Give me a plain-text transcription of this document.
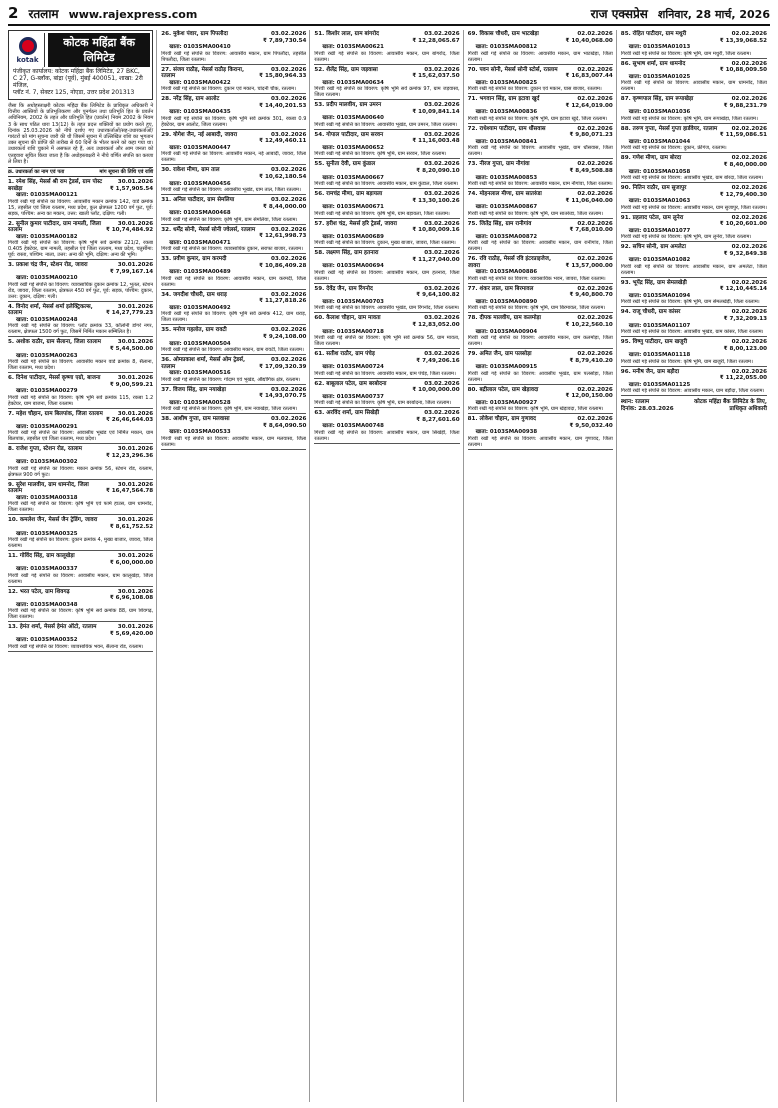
2 रतलाम www.rajexpress.com	राज एक्सप्रेस शनिवार, 28 मार्च, 2026
kotak
कोटक महिंद्रा बैंक लिमिटेड
पंजीकृत कार्यालय: कोटक महिंद्रा बैंक लिमिटेड, 27 BKC,
C 27, G-ब्लॉक, बांद्रा (पूर्व), मुंबई 400051, शाखा: 2री मंजिल,
प्लॉट नं. 7, सेक्टर 125, नोएडा, उत्तर प्रदेश 201313
जैसा कि अधोहस्ताक्षरी कोटक महिंद्रा बैंक लिमिटेड के प्राधिकृत अधिकारी ने वित्तीय आस्तियों के प्रतिभूतिकरण और पुनर्गठन तथा प्रतिभूति हित के प्रवर्तन अधिनियम, 2002 के तहत और प्रतिभूति हित (प्रवर्तन) नियम 2002 के नियम 3 के साथ पठित धारा 13(12) के तहत प्रदत्त शक्तियों का प्रयोग करते हुए, दिनांक 25.03.2026 को नीचे दर्शाए गए उधारकर्ताओं/सह-उधारकर्ताओं/गारंटरों को मांग सूचना जारी की थी जिसमें सूचना में उल्लिखित राशि का भुगतान उक्त सूचना की प्राप्ति की तारीख से 60 दिनों के भीतर करने को कहा गया था। उधारकर्ता राशि चुकाने में असफल रहे हैं, अतः उधारकर्ता और आम जनता को एतद्द्वारा सूचित किया जाता है कि अधोहस्ताक्षरी ने नीचे वर्णित संपत्ति का कब्जा ले लिया है।
क्र. उधारकर्ता का नाम एवं पता	मांग सूचना की तिथि एवं राशि
1. रमेश सिंह, मेसर्स श्री राम ट्रेडर्स, ग्राम पोस्ट बरखेड़ा
30.01.2026
₹ 1,57,905.54
खाता: 0103SMA00121
गिरवी रखी गई संपत्ति का विवरण: आवासीय मकान क्रमांक 142, वार्ड क्रमांक 15, तहसील एवं जिला रतलाम, मध्य प्रदेश, कुल क्षेत्रफल 1200 वर्ग फुट, पूर्व: सड़क, पश्चिम: अन्य का मकान, उत्तर: खाली प्लॉट, दक्षिण: गली।
2. सुनील कुमार पाटीदार, ग्राम नामली, जिला रतलाम
30.01.2026
₹ 10,74,484.92
खाता: 0103SMA00182
गिरवी रखी गई संपत्ति का विवरण: कृषि भूमि सर्वे क्रमांक 221/2, रकबा 0.405 हेक्टेयर, ग्राम नामली, तहसील एवं जिला रतलाम, मध्य प्रदेश, चतुर्सीमा: पूर्व: रास्ता, पश्चिम: नाला, उत्तर: अन्य की भूमि, दक्षिण: अन्य की भूमि।
3. प्रकाश चंद्र जैन, स्टेशन रोड, जावरा	30.01.2026
₹ 7,99,167.14
खाता: 0103SMA00210
गिरवी रखी गई संपत्ति का विवरण: व्यावसायिक दुकान क्रमांक 12, भूतल, स्टेशन रोड, जावरा, जिला रतलाम, क्षेत्रफल 450 वर्ग फुट, पूर्व: सड़क, पश्चिम: दुकान, उत्तर: दुकान, दक्षिण: गली।
4. विनोद शर्मा, मेसर्स शर्मा इलेक्ट्रिकल्स, रतलाम
30.01.2026
₹ 14,27,779.23
खाता: 0103SMA00248
गिरवी रखी गई संपत्ति का विवरण: प्लॉट क्रमांक 33, कॉलोनी डोंगरे नगर, रतलाम, क्षेत्रफल 1500 वर्ग फुट, जिसमें निर्मित मकान सम्मिलित है।
5. अशोक राठौर, ग्राम सैलाना, जिला रतलाम	30.01.2026
₹ 5,44,500.00
खाता: 0103SMA00263
गिरवी रखी गई संपत्ति का विवरण: आवासीय मकान वार्ड क्रमांक 8, सैलाना, जिला रतलाम, मध्य प्रदेश।
6. दिनेश पाटीदार, मेसर्स कृष्णा एग्रो, बाजना	30.01.2026
₹ 9,00,599.21
खाता: 0103SMA00279
गिरवी रखी गई संपत्ति का विवरण: कृषि भूमि सर्वे क्रमांक 115, रकबा 1.2 हेक्टेयर, ग्राम बाजना, जिला रतलाम।
7. महेश चौहान, ग्राम बिलपांक, जिला रतलाम	30.01.2026
₹ 26,46,644.03
खाता: 0103SMA00291
गिरवी रखी गई संपत्ति का विवरण: आवासीय भूखंड एवं निर्मित मकान, ग्राम बिलपांक, तहसील एवं जिला रतलाम, मध्य प्रदेश।
8. राजेश गुप्ता, स्टेशन रोड, रतलाम	30.01.2026
₹ 12,23,296.36
खाता: 0103SMA00302
गिरवी रखी गई संपत्ति का विवरण: मकान क्रमांक 56, स्टेशन रोड, रतलाम, क्षेत्रफल 900 वर्ग फुट।
9. सुरेश मालवीय, ग्राम धामनोद, जिला रतलाम
30.01.2026
₹ 16,47,564.78
खाता: 0103SMA00318
गिरवी रखी गई संपत्ति का विवरण: कृषि भूमि एवं फार्म हाउस, ग्राम धामनोद, जिला रतलाम।
10. कमलेश जैन, मेसर्स जैन ट्रेडिंग, जावरा	30.01.2026
₹ 8,61,752.52
खाता: 0103SMA00325
गिरवी रखी गई संपत्ति का विवरण: दुकान क्रमांक 4, मुख्य बाजार, जावरा, जिला रतलाम।
11. गोविंद सिंह, ग्राम कालूखेड़ा	30.01.2026
₹ 6,00,000.00
खाता: 0103SMA00337
गिरवी रखी गई संपत्ति का विवरण: आवासीय मकान, ग्राम कालूखेड़ा, जिला रतलाम।
12. भरत पटेल, ग्राम शिवगढ़	30.01.2026
₹ 6,96,108.08
खाता: 0103SMA00348
गिरवी रखी गई संपत्ति का विवरण: कृषि भूमि सर्वे क्रमांक 88, ग्राम शिवगढ़, जिला रतलाम।
13. हेमंत शर्मा, मेसर्स हेमंत ऑटो, रतलाम	30.01.2026
₹ 5,69,420.00
खाता: 0103SMA00352
गिरवी रखी गई संपत्ति का विवरण: व्यावसायिक भवन, सैलाना रोड, रतलाम।
26. मुकेश पंवार, ग्राम पिपलौदा	03.02.2026
₹ 7,89,730.54
खाता: 0103SMA00410
गिरवी रखी गई संपत्ति का विवरण: आवासीय मकान, ग्राम पिपलौदा, तहसील पिपलौदा, जिला रतलाम।
27. संजय राठौड़, मेसर्स राठौड़ किराना, रतलाम
03.02.2026
₹ 15,80,964.33
खाता: 0103SMA00422
गिरवी रखी गई संपत्ति का विवरण: दुकान एवं मकान, चांदनी चौक, रतलाम।
28. नरेंद्र सिंह, ग्राम आलोट	03.02.2026
₹ 14,40,201.53
खाता: 0103SMA00435
गिरवी रखी गई संपत्ति का विवरण: कृषि भूमि सर्वे क्रमांक 301, रकबा 0.9 हेक्टेयर, ग्राम आलोट, जिला रतलाम।
29. योगेश जैन, नई आबादी, जावरा	03.02.2026
₹ 12,49,460.11
खाता: 0103SMA00447
गिरवी रखी गई संपत्ति का विवरण: आवासीय मकान, नई आबादी, जावरा, जिला रतलाम।
30. राकेश मीणा, ग्राम ताल	03.02.2026
₹ 10,62,180.54
खाता: 0103SMA00456
गिरवी रखी गई संपत्ति का विवरण: आवासीय भूखंड, ग्राम ताल, जिला रतलाम।
31. अनिल पाटीदार, ग्राम सेमलिया	03.02.2026
₹ 8,44,000.00
खाता: 0103SMA00468
गिरवी रखी गई संपत्ति का विवरण: कृषि भूमि, ग्राम सेमलिया, जिला रतलाम।
32. धर्मेंद्र सोनी, मेसर्स सोनी ज्वेलर्स, रतलाम	03.02.2026
₹ 12,61,998.73
खाता: 0103SMA00471
गिरवी रखी गई संपत्ति का विवरण: व्यावसायिक दुकान, सराफा बाजार, रतलाम।
33. प्रवीण कुमार, ग्राम करमदी	03.02.2026
₹ 10,86,409.28
खाता: 0103SMA00489
गिरवी रखी गई संपत्ति का विवरण: आवासीय मकान, ग्राम करमदी, जिला रतलाम।
34. जगदीश चौधरी, ग्राम धराड़	03.02.2026
₹ 11,27,818.26
खाता: 0103SMA00492
गिरवी रखी गई संपत्ति का विवरण: कृषि भूमि सर्वे क्रमांक 412, ग्राम धराड़, जिला रतलाम।
35. मनोज गहलोत, ग्राम रावटी	03.02.2026
₹ 9,24,108.00
खाता: 0103SMA00504
गिरवी रखी गई संपत्ति का विवरण: आवासीय मकान, ग्राम रावटी, जिला रतलाम।
36. ओमप्रकाश शर्मा, मेसर्स ओम ट्रेडर्स, रतलाम
03.02.2026
₹ 17,09,320.39
खाता: 0103SMA00516
गिरवी रखी गई संपत्ति का विवरण: गोदाम एवं भूखंड, औद्योगिक क्षेत्र, रतलाम।
37. विजय सिंह, ग्राम नयाखेड़ा	03.02.2026
₹ 14,93,070.75
खाता: 0103SMA00528
गिरवी रखी गई संपत्ति का विवरण: कृषि भूमि, ग्राम नयाखेड़ा, जिला रतलाम।
38. आशीष गुप्ता, ग्राम मलवासा	03.02.2026
₹ 8,64,090.50
खाता: 0103SMA00533
गिरवी रखी गई संपत्ति का विवरण: आवासीय मकान, ग्राम मलवासा, जिला रतलाम।
51. किशोर लाल, ग्राम बांगरोद	03.02.2026
₹ 12,28,065.67
खाता: 0103SMA00621
गिरवी रखी गई संपत्ति का विवरण: आवासीय मकान, ग्राम बांगरोद, जिला रतलाम।
52. शैलेंद्र सिंह, ग्राम जड़वासा	03.02.2026
₹ 15,62,037.50
खाता: 0103SMA00634
गिरवी रखी गई संपत्ति का विवरण: कृषि भूमि सर्वे क्रमांक 97, ग्राम जड़वासा, जिला रतलाम।
53. प्रदीप मालवीय, ग्राम उमरन	03.02.2026
₹ 10,09,841.14
खाता: 0103SMA00640
गिरवी रखी गई संपत्ति का विवरण: आवासीय भूखंड, ग्राम उमरन, जिला रतलाम।
54. गोपाल पाटीदार, ग्राम सरवन	03.02.2026
₹ 11,16,003.48
खाता: 0103SMA00652
गिरवी रखी गई संपत्ति का विवरण: कृषि भूमि, ग्राम सरवन, जिला रतलाम।
55. सुनीता देवी, ग्राम कुंडाल	03.02.2026
₹ 8,20,090.10
खाता: 0103SMA00667
गिरवी रखी गई संपत्ति का विवरण: आवासीय मकान, ग्राम कुंडाल, जिला रतलाम।
56. रामचंद्र मीणा, ग्राम बड़ायला	03.02.2026
₹ 13,30,100.26
खाता: 0103SMA00671
गिरवी रखी गई संपत्ति का विवरण: कृषि भूमि, ग्राम बड़ायला, जिला रतलाम।
57. हरीश चंद्र, मेसर्स हरि ट्रेडर्स, जावरा	03.02.2026
₹ 10,80,009.16
खाता: 0103SMA00689
गिरवी रखी गई संपत्ति का विवरण: दुकान, मुख्य बाजार, जावरा, जिला रतलाम।
58. लक्ष्मण सिंह, ग्राम हतनारा	03.02.2026
₹ 11,27,040.00
खाता: 0103SMA00694
गिरवी रखी गई संपत्ति का विवरण: आवासीय मकान, ग्राम हतनारा, जिला रतलाम।
59. देवेंद्र जैन, ग्राम रिंगनोद	03.02.2026
₹ 9,64,100.82
खाता: 0103SMA00703
गिरवी रखी गई संपत्ति का विवरण: आवासीय भूखंड, ग्राम रिंगनोद, जिला रतलाम।
60. कैलाश चौहान, ग्राम मावता	03.02.2026
₹ 12,83,052.00
खाता: 0103SMA00718
गिरवी रखी गई संपत्ति का विवरण: कृषि भूमि सर्वे क्रमांक 56, ग्राम मावता, जिला रतलाम।
61. सतीश राठौर, ग्राम पंचेड़	03.02.2026
₹ 7,49,206.16
खाता: 0103SMA00724
गिरवी रखी गई संपत्ति का विवरण: आवासीय मकान, ग्राम पंचेड़, जिला रतलाम।
62. बाबूलाल पटेल, ग्राम बरबोदना	03.02.2026
₹ 10,00,000.00
खाता: 0103SMA00737
गिरवी रखी गई संपत्ति का विवरण: कृषि भूमि, ग्राम बरबोदना, जिला रतलाम।
63. अरविंद शर्मा, ग्राम सिखेड़ी	03.02.2026
₹ 8,27,601.60
खाता: 0103SMA00748
गिरवी रखी गई संपत्ति का विवरण: आवासीय मकान, ग्राम सिखेड़ी, जिला रतलाम।
69. विकास चौधरी, ग्राम भाटखेड़ा	02.02.2026
₹ 10,40,068.00
खाता: 0103SMA00812
गिरवी रखी गई संपत्ति का विवरण: आवासीय मकान, ग्राम भाटखेड़ा, जिला रतलाम।
70. पवन सोनी, मेसर्स सोनी स्टोर्स, रतलाम	02.02.2026
₹ 16,83,007.44
खाता: 0103SMA00825
गिरवी रखी गई संपत्ति का विवरण: दुकान एवं मकान, घास बाजार, रतलाम।
71. भगवान सिंह, ग्राम इटावा खुर्द	02.02.2026
₹ 12,64,019.00
खाता: 0103SMA00836
गिरवी रखी गई संपत्ति का विवरण: कृषि भूमि, ग्राम इटावा खुर्द, जिला रतलाम।
72. राधेश्याम पाटीदार, ग्राम धौंसवास	02.02.2026
₹ 9,80,071.23
खाता: 0103SMA00841
गिरवी रखी गई संपत्ति का विवरण: आवासीय भूखंड, ग्राम धौंसवास, जिला रतलाम।
73. नीरज गुप्ता, ग्राम नौगांवा	02.02.2026
₹ 8,49,508.88
खाता: 0103SMA00853
गिरवी रखी गई संपत्ति का विवरण: आवासीय मकान, ग्राम नौगांवा, जिला रतलाम।
74. मोहनलाल मीणा, ग्राम सातरुंडा	02.02.2026
₹ 11,06,040.00
खाता: 0103SMA00867
गिरवी रखी गई संपत्ति का विवरण: कृषि भूमि, ग्राम सातरुंडा, जिला रतलाम।
75. जितेंद्र सिंह, ग्राम रानीगांव	02.02.2026
₹ 7,68,010.00
खाता: 0103SMA00872
गिरवी रखी गई संपत्ति का विवरण: आवासीय मकान, ग्राम रानीगांव, जिला रतलाम।
76. रवि राठौड़, मेसर्स रवि इंटरप्राइजेज, जावरा
02.02.2026
₹ 13,57,000.00
खाता: 0103SMA00886
गिरवी रखी गई संपत्ति का विवरण: व्यावसायिक भवन, जावरा, जिला रतलाम।
77. शंकर लाल, ग्राम बिरमावल	02.02.2026
₹ 9,40,800.70
खाता: 0103SMA00890
गिरवी रखी गई संपत्ति का विवरण: कृषि भूमि, ग्राम बिरमावल, जिला रतलाम।
78. दीपक मालवीय, ग्राम कलमोड़ा	02.02.2026
₹ 10,22,560.10
खाता: 0103SMA00904
गिरवी रखी गई संपत्ति का विवरण: आवासीय मकान, ग्राम कलमोड़ा, जिला रतलाम।
79. अमित जैन, ग्राम पलसोड़ा	02.02.2026
₹ 8,79,410.20
खाता: 0103SMA00915
गिरवी रखी गई संपत्ति का विवरण: आवासीय भूखंड, ग्राम पलसोड़ा, जिला रतलाम।
80. बद्रीलाल पटेल, ग्राम खेड़ावदा	02.02.2026
₹ 12,00,150.00
खाता: 0103SMA00927
गिरवी रखी गई संपत्ति का विवरण: कृषि भूमि, ग्राम खेड़ावदा, जिला रतलाम।
81. लोकेश चौहान, ग्राम गुणावद	02.02.2026
₹ 9,50,032.40
खाता: 0103SMA00938
गिरवी रखी गई संपत्ति का विवरण: आवासीय मकान, ग्राम गुणावद, जिला रतलाम।
85. रोहित पाटीदार, ग्राम मथुरी	02.02.2026
₹ 13,39,068.52
खाता: 0103SMA01013
गिरवी रखी गई संपत्ति का विवरण: कृषि भूमि, ग्राम मथुरी, जिला रतलाम।
86. सुभाष शर्मा, ग्राम धामनोद	02.02.2026
₹ 10,88,009.50
खाता: 0103SMA01025
गिरवी रखी गई संपत्ति का विवरण: आवासीय मकान, ग्राम धामनोद, जिला रतलाम।
87. कृष्णपाल सिंह, ग्राम रूपाखेड़ा	02.02.2026
₹ 9,88,231.79
खाता: 0103SMA01036
गिरवी रखी गई संपत्ति का विवरण: कृषि भूमि, ग्राम रूपाखेड़ा, जिला रतलाम।
88. तरुण गुप्ता, मेसर्स गुप्ता हार्डवेयर, रतलाम	02.02.2026
₹ 11,59,086.51
खाता: 0103SMA01044
गिरवी रखी गई संपत्ति का विवरण: दुकान, फ्रीगंज, रतलाम।
89. गणेश मीणा, ग्राम बोरदा	02.02.2026
₹ 8,40,000.00
खाता: 0103SMA01058
गिरवी रखी गई संपत्ति का विवरण: आवासीय भूखंड, ग्राम बोरदा, जिला रतलाम।
90. नितिन राठौर, ग्राम सुजापुर	02.02.2026
₹ 12,79,400.30
खाता: 0103SMA01063
गिरवी रखी गई संपत्ति का विवरण: आवासीय मकान, ग्राम सुजापुर, जिला रतलाम।
91. प्रहलाद पटेल, ग्राम लुनेरा	02.02.2026
₹ 10,20,601.00
खाता: 0103SMA01077
गिरवी रखी गई संपत्ति का विवरण: कृषि भूमि, ग्राम लुनेरा, जिला रतलाम।
92. सचिन सोनी, ग्राम अमलेटा	02.02.2026
₹ 9,32,849.38
खाता: 0103SMA01082
गिरवी रखी गई संपत्ति का विवरण: आवासीय मकान, ग्राम अमलेटा, जिला रतलाम।
93. भूपेंद्र सिंह, ग्राम सेमलखेड़ी	02.02.2026
₹ 12,10,445.14
खाता: 0103SMA01094
गिरवी रखी गई संपत्ति का विवरण: कृषि भूमि, ग्राम सेमलखेड़ी, जिला रतलाम।
94. राजू चौधरी, ग्राम कांसर	02.02.2026
₹ 7,32,209.13
खाता: 0103SMA01107
गिरवी रखी गई संपत्ति का विवरण: आवासीय भूखंड, ग्राम कांसर, जिला रतलाम।
95. विष्णु पाटीदार, ग्राम खजुरी	02.02.2026
₹ 8,00,123.00
खाता: 0103SMA01118
गिरवी रखी गई संपत्ति का विवरण: कृषि भूमि, ग्राम खजुरी, जिला रतलाम।
96. मनीष जैन, ग्राम बड़ौदा	02.02.2026
₹ 11,22,055.00
खाता: 0103SMA01125
गिरवी रखी गई संपत्ति का विवरण: आवासीय मकान, ग्राम बड़ौदा, जिला रतलाम।
स्थान: रतलाम
दिनांक: 28.03.2026
कोटक महिंद्रा बैंक लिमिटेड के लिए, प्राधिकृत अधिकारी
